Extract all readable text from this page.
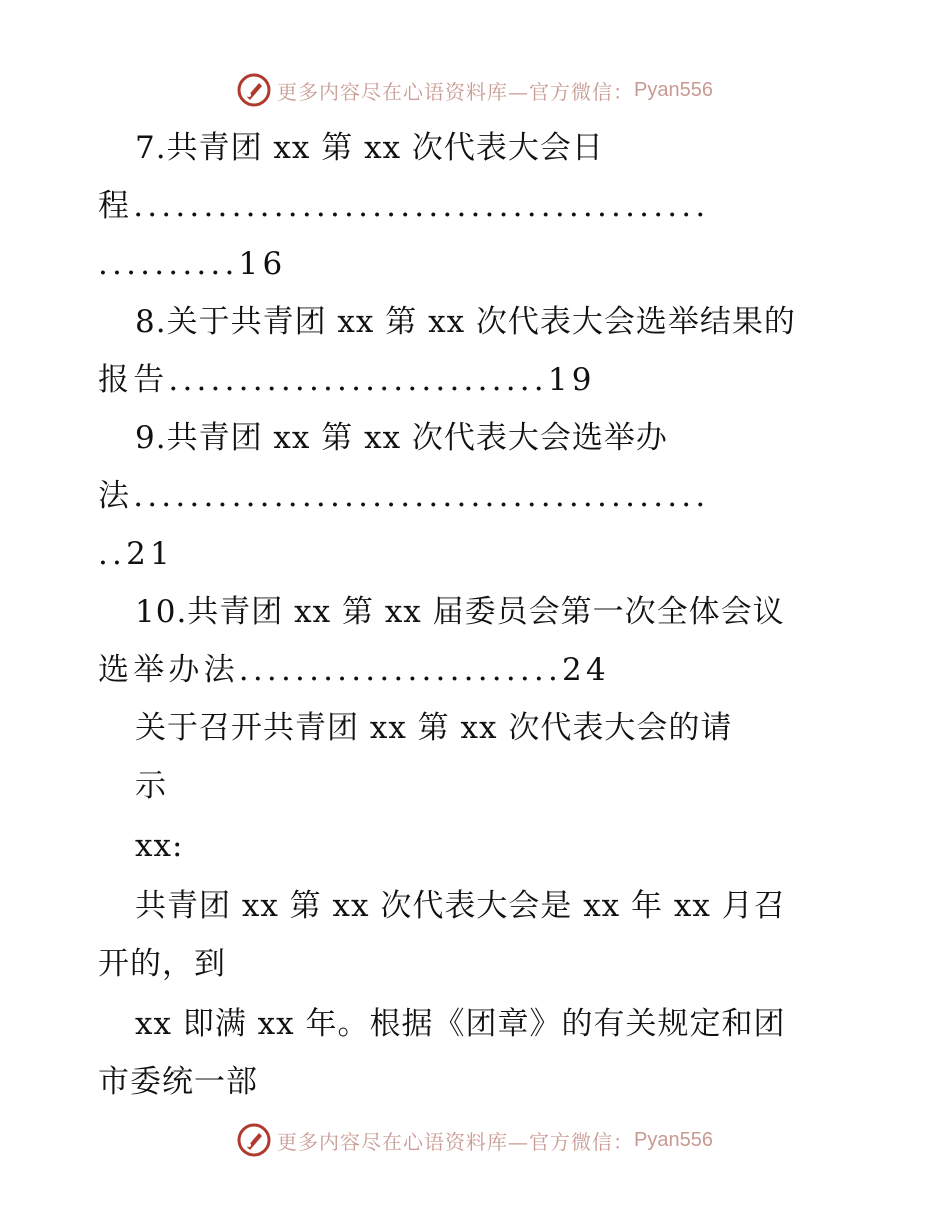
更多内容尽在心语资料库—官方微信： Pyan556
7.共青团 xx 第 xx 次代表大会日
程.........................................
..........16
8.关于共青团 xx 第 xx 次代表大会选举结果的
报告...........................19
9.共青团 xx 第 xx 次代表大会选举办
法.........................................
..21
10.共青团 xx 第 xx 届委员会第一次全体会议
选举办法.......................24
关于召开共青团 xx 第 xx 次代表大会的请
示
xx:
共青团 xx 第 xx 次代表大会是 xx 年 xx 月召
开的，到
xx 即满 xx 年。根据《团章》的有关规定和团
市委统一部
更多内容尽在心语资料库—官方微信： Pyan556
